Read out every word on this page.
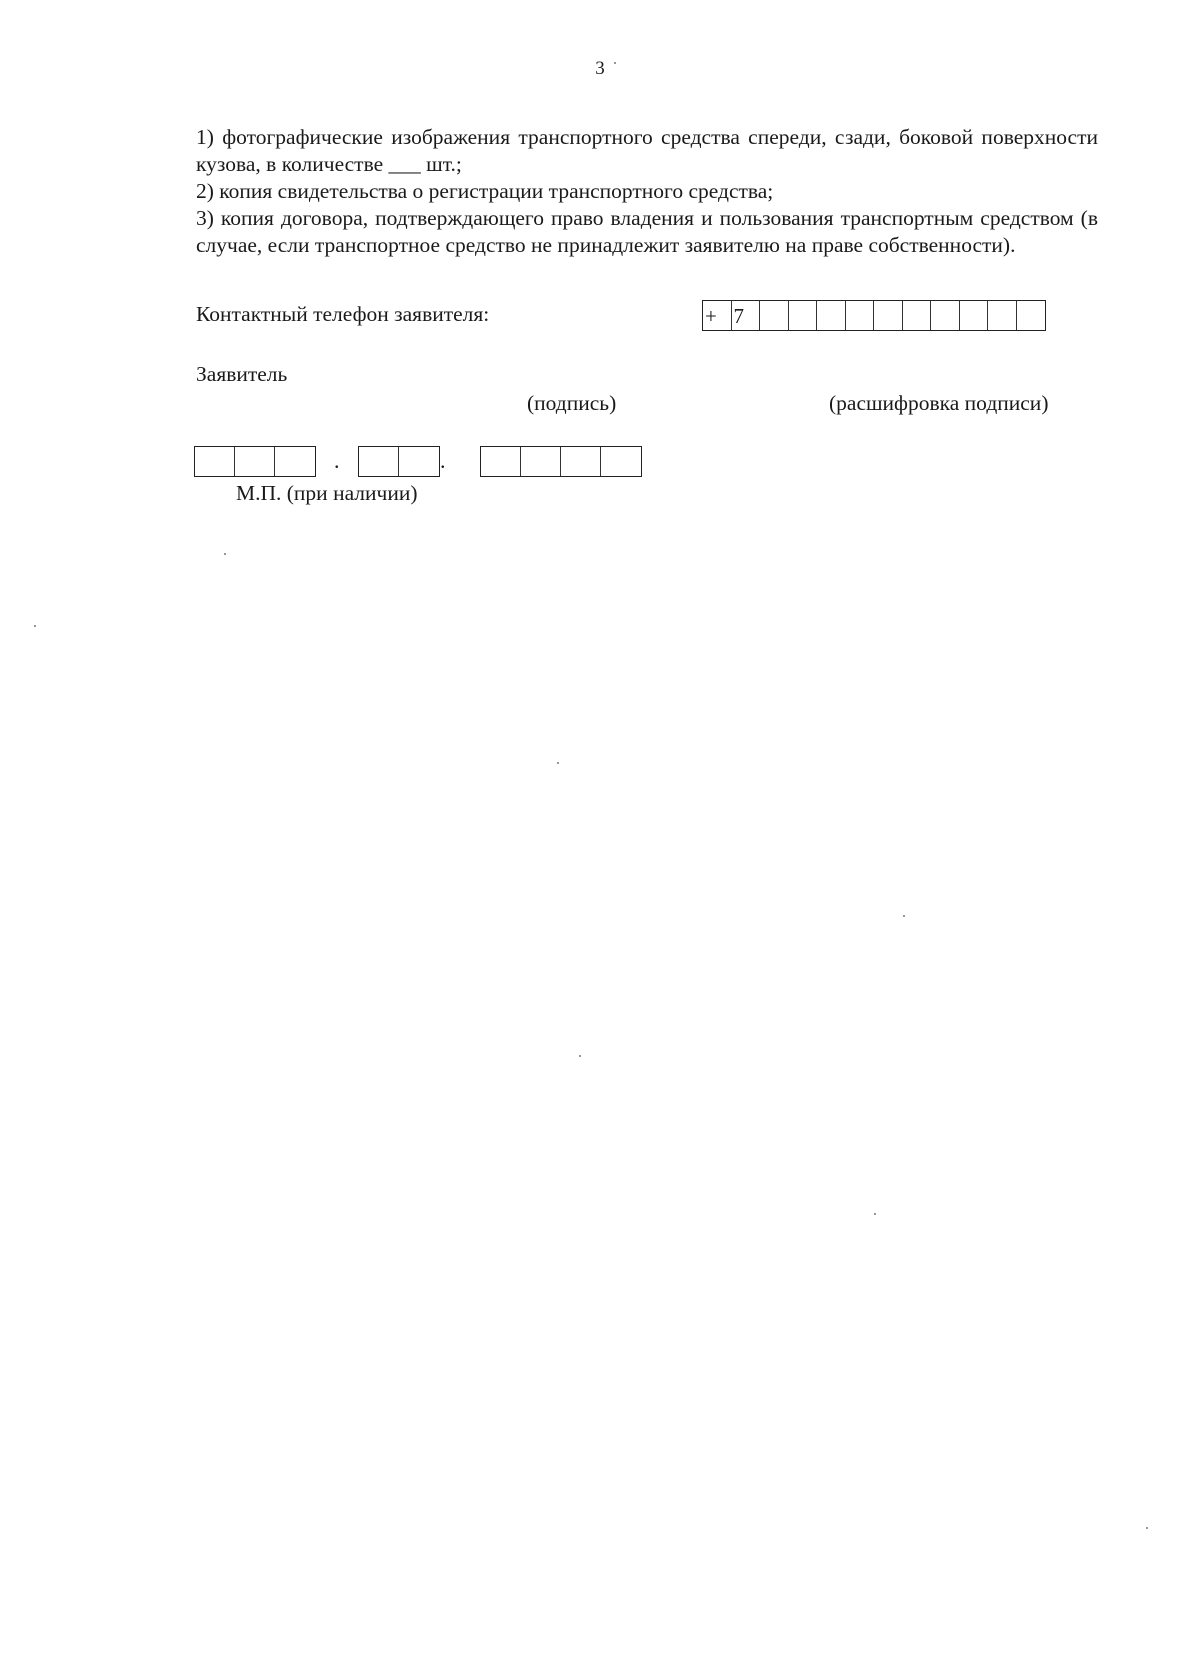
3

1) фотографические изображения транспортного средства спереди, сзади, боковой поверхности кузова, в количестве ___ шт.;

2) копия свидетельства о регистрации транспортного средства;

3) копия договора, подтверждающего право владения и пользования транспортным средством (в случае, если транспортное средство не принадлежит заявителю на праве собственности).

Контактный телефон заявителя:	+ 7
Заявитель
(подпись)	(расшифровка подписи)
.	.
М.П. (при наличии)
